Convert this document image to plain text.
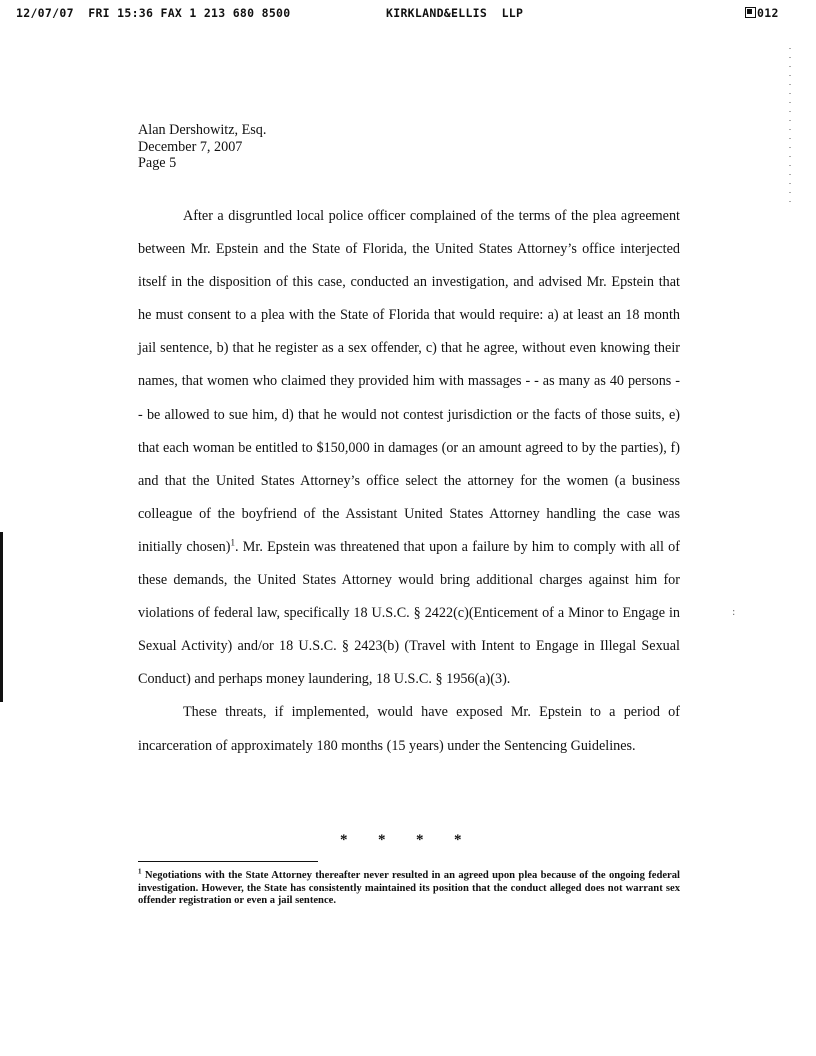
12/07/07  FRI 15:36 FAX 1 213 680 8500	KIRKLAND&ELLIS  LLP	012
:
Alan Dershowitz, Esq.
December 7, 2007
Page 5

After a disgruntled local police officer complained of the terms of the plea agreement between Mr. Epstein and the State of Florida, the United States Attorney’s office interjected itself in the disposition of this case, conducted an investigation, and advised Mr. Epstein that he must consent to a plea with the State of Florida that would require: a) at least an 18 month jail sentence, b) that he register as a sex offender, c) that he agree, without even knowing their names, that women who claimed they provided him with massages - - as many as 40 persons - - be allowed to sue him, d) that he would not contest jurisdiction or the facts of those suits, e) that each woman be entitled to $150,000 in damages (or an amount agreed to by the parties), f) and that the United States Attorney’s office select the attorney for the women (a business colleague of the boyfriend of the Assistant United States Attorney handling the case was initially chosen)$^1$. Mr. Epstein was threatened that upon a failure by him to comply with all of these demands, the United States Attorney would bring additional charges against him for violations of federal law, specifically 18 U.S.C. § 2422(c)(Enticement of a Minor to Engage in Sexual Activity) and/or 18 U.S.C. § 2423(b) (Travel with Intent to Engage in Illegal Sexual Conduct) and perhaps money laundering, 18 U.S.C. § 1956(a)(3).

These threats, if implemented, would have exposed Mr. Epstein to a period of incarceration of approximately 180 months (15 years) under the Sentencing Guidelines.

* * * *
$^1$ Negotiations with the State Attorney thereafter never resulted in an agreed upon plea because of the ongoing federal investigation. However, the State has consistently maintained its position that the conduct alleged does not warrant sex offender registration or even a jail sentence.
